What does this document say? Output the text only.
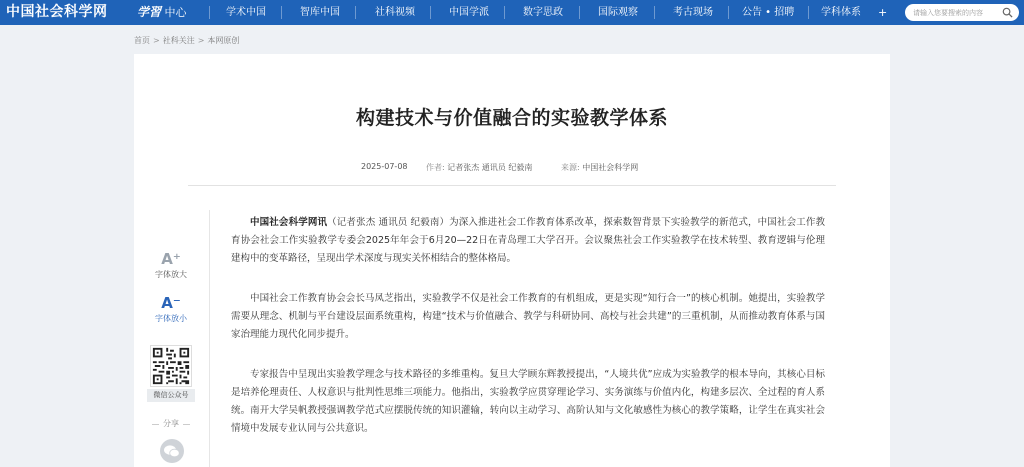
中国社会科学网 学習 中心	学术中国	智库中国	社科视频	中国学派	数字思政	国际观察	考古现场	公告 • 招聘	学科体系 +
请输入您要搜索的内容
首页 > 社科关注 > 本网原创
构建技术与价值融合的实验教学体系
2025-07-08 作者: 记者张杰 通讯员 纪毅南	来源: 中国社会科学网
A⁺
字体放大
A⁻
字体放小
微信公众号
分享

中国社会科学网讯（记者张杰 通讯员 纪毅南）为深入推进社会工作教育体系改革，探索数智背景下实验教学的新范式，中国社会工作教育协会社会工作实验教学专委会2025年年会于6月20—22日在青岛理工大学召开。会议聚焦社会工作实验教学在技术转型、教育逻辑与伦理建构中的变革路径，呈现出学术深度与现实关怀相结合的整体格局。

中国社会工作教育协会会长马凤芝指出，实验教学不仅是社会工作教育的有机组成，更是实现“知行合一”的核心机制。她提出，实验教学需要从理念、机制与平台建设层面系统重构，构建“技术与价值融合、教学与科研协同、高校与社会共建”的三重机制，从而推动教育体系与国家治理能力现代化同步提升。

专家报告中呈现出实验教学理念与技术路径的多维重构。复旦大学顾东辉教授提出，“人境共优”应成为实验教学的根本导向，其核心目标是培养伦理责任、人权意识与批判性思维三项能力。他指出，实验教学应贯穿理论学习、实务演练与价值内化，构建多层次、全过程的育人系统。南开大学吴帆教授强调教学范式应摆脱传统的知识灌输，转向以主动学习、高阶认知与文化敏感性为核心的教学策略，让学生在真实社会情境中发展专业认同与公共意识。
